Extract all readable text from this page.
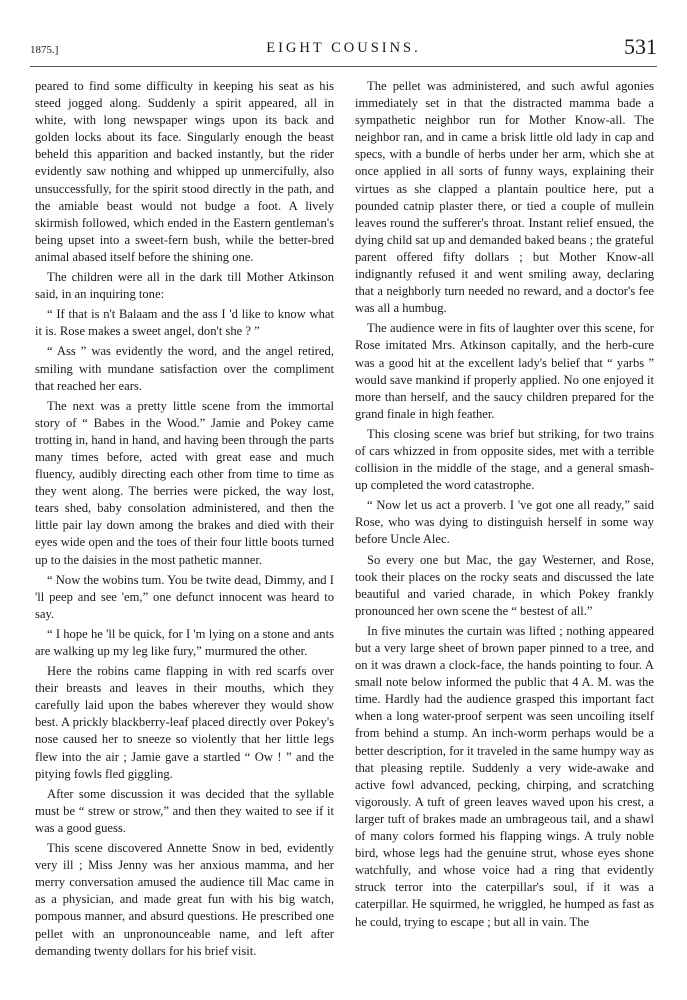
1875.]	EIGHT COUSINS.	531

peared to find some difficulty in keeping his seat as his steed jogged along. Suddenly a spirit appeared, all in white, with long newspaper wings upon its back and golden locks about its face. Singularly enough the beast beheld this apparition and backed instantly, but the rider evidently saw nothing and whipped up unmercifully, also unsuccessfully, for the spirit stood directly in the path, and the amiable beast would not budge a foot. A lively skirmish followed, which ended in the Eastern gentleman's being upset into a sweet-fern bush, while the better-bred animal abased itself before the shining one.

The children were all in the dark till Mother Atkinson said, in an inquiring tone:

“ If that is n't Balaam and the ass I 'd like to know what it is. Rose makes a sweet angel, don't she ? ”

“ Ass ” was evidently the word, and the angel retired, smiling with mundane satisfaction over the compliment that reached her ears.

The next was a pretty little scene from the immortal story of “ Babes in the Wood.” Jamie and Pokey came trotting in, hand in hand, and having been through the parts many times before, acted with great ease and much fluency, audibly directing each other from time to time as they went along. The berries were picked, the way lost, tears shed, baby consolation administered, and then the little pair lay down among the brakes and died with their eyes wide open and the toes of their four little boots turned up to the daisies in the most pathetic manner.

“ Now the wobins tum. You be twite dead, Dimmy, and I 'll peep and see 'em,” one defunct innocent was heard to say.

“ I hope he 'll be quick, for I 'm lying on a stone and ants are walking up my leg like fury,” murmured the other.

Here the robins came flapping in with red scarfs over their breasts and leaves in their mouths, which they carefully laid upon the babes wherever they would show best. A prickly blackberry-leaf placed directly over Pokey's nose caused her to sneeze so violently that her little legs flew into the air ; Jamie gave a startled “ Ow ! ” and the pitying fowls fled giggling.

After some discussion it was decided that the syllable must be “ strew or strow,” and then they waited to see if it was a good guess.

This scene discovered Annette Snow in bed, evidently very ill ; Miss Jenny was her anxious mamma, and her merry conversation amused the audience till Mac came in as a physician, and made great fun with his big watch, pompous manner, and absurd questions. He prescribed one pellet with an unpronounceable name, and left after demanding twenty dollars for his brief visit.

The pellet was administered, and such awful agonies immediately set in that the distracted mamma bade a sympathetic neighbor run for Mother Know-all. The neighbor ran, and in came a brisk little old lady in cap and specs, with a bundle of herbs under her arm, which she at once applied in all sorts of funny ways, explaining their virtues as she clapped a plantain poultice here, put a pounded catnip plaster there, or tied a couple of mullein leaves round the sufferer's throat. Instant relief ensued, the dying child sat up and demanded baked beans ; the grateful parent offered fifty dollars ; but Mother Know-all indignantly refused it and went smiling away, declaring that a neighborly turn needed no reward, and a doctor's fee was all a humbug.

The audience were in fits of laughter over this scene, for Rose imitated Mrs. Atkinson capitally, and the herb-cure was a good hit at the excellent lady's belief that “ yarbs ” would save mankind if properly applied. No one enjoyed it more than herself, and the saucy children prepared for the grand finale in high feather.

This closing scene was brief but striking, for two trains of cars whizzed in from opposite sides, met with a terrible collision in the middle of the stage, and a general smash-up completed the word catastrophe.

“ Now let us act a proverb. I 've got one all ready,” said Rose, who was dying to distinguish herself in some way before Uncle Alec.

So every one but Mac, the gay Westerner, and Rose, took their places on the rocky seats and discussed the late beautiful and varied charade, in which Pokey frankly pronounced her own scene the “ bestest of all.”

In five minutes the curtain was lifted ; nothing appeared but a very large sheet of brown paper pinned to a tree, and on it was drawn a clock-face, the hands pointing to four. A small note below informed the public that 4 A. M. was the time. Hardly had the audience grasped this important fact when a long water-proof serpent was seen uncoiling itself from behind a stump. An inch-worm perhaps would be a better description, for it traveled in the same humpy way as that pleasing reptile. Suddenly a very wide-awake and active fowl advanced, pecking, chirping, and scratching vigorously. A tuft of green leaves waved upon his crest, a larger tuft of brakes made an umbrageous tail, and a shawl of many colors formed his flapping wings. A truly noble bird, whose legs had the genuine strut, whose eyes shone watchfully, and whose voice had a ring that evidently struck terror into the caterpillar's soul, if it was a caterpillar. He squirmed, he wriggled, he humped as fast as he could, trying to escape ; but all in vain. The
